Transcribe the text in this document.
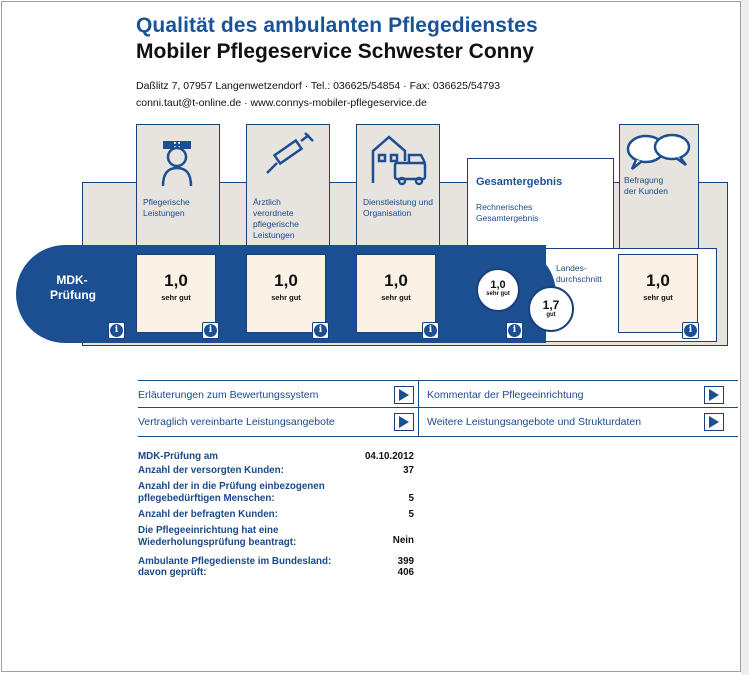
Qualität des ambulanten Pflegedienstes
Mobiler Pflegeservice Schwester Conny
Daßlitz 7, 07957 Langenwetzendorf · Tel.: 036625/54854 · Fax: 036625/54793
conni.taut@t-online.de · www.connys-mobiler-pflegeservice.de
Pflegerische Leistungen
Ärztlich verordnete pflegerische Leistungen
Dienstleistung und Organisation
Gesamtergebnis
Rechnerisches Gesamtergebnis
Befragung der Kunden
MDK-Prüfung
1,0
sehr gut
1,0
sehr gut
1,0
sehr gut
1,0
sehr gut
Landes-durchschnitt
1,7
gut
1,0
sehr gut
i	i	i	i	i	i
Erläuterungen zum Bewertungssystem	Kommentar der Pflegeeinrichtung
Vertraglich vereinbarte Leistungsangebote	Weitere Leistungsangebote und Strukturdaten
MDK-Prüfung am	04.10.2012
Anzahl der versorgten Kunden:	37
Anzahl der in die Prüfung einbezogenen pflegebedürftigen Menschen:	5
Anzahl der befragten Kunden:	5
Die Pflegeeinrichtung hat eine Wiederholungsprüfung beantragt:	Nein
Ambulante Pflegedienste im Bundesland:	399
davon geprüft:	406
